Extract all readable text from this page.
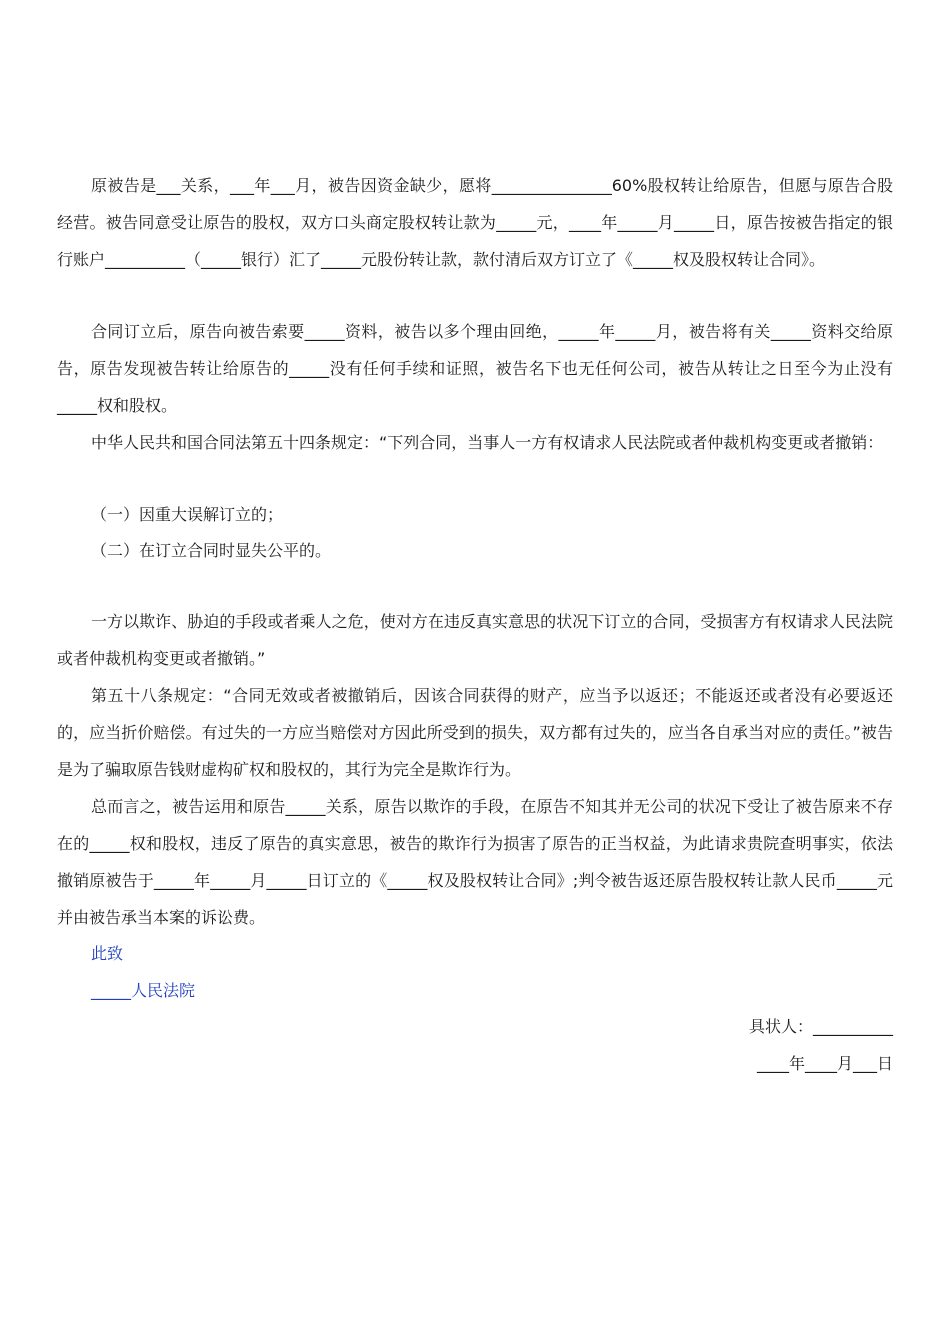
原被告是___关系，___年___月，被告因资金缺少，愿将_______________60%股权转让给原告，但愿与原告合股经营。被告同意受让原告的股权，双方口头商定股权转让款为_____元，____年_____月_____日，原告按被告指定的银行账户__________（_____银行）汇了_____元股份转让款，款付清后双方订立了《_____权及股权转让合同》。

合同订立后，原告向被告索要_____资料，被告以多个理由回绝，_____年_____月，被告将有关_____资料交给原告，原告发现被告转让给原告的_____没有任何手续和证照，被告名下也无任何公司，被告从转让之日至今为止没有_____权和股权。

中华人民共和国合同法第五十四条规定：“下列合同，当事人一方有权请求人民法院或者仲裁机构变更或者撤销：

（一）因重大误解订立的；

（二）在订立合同时显失公平的。

一方以欺诈、胁迫的手段或者乘人之危，使对方在违反真实意思的状况下订立的合同，受损害方有权请求人民法院或者仲裁机构变更或者撤销。”

第五十八条规定：“合同无效或者被撤销后，因该合同获得的财产，应当予以返还；不能返还或者没有必要返还的，应当折价赔偿。有过失的一方应当赔偿对方因此所受到的损失，双方都有过失的，应当各自承当对应的责任。”被告是为了骗取原告钱财虚构矿权和股权的，其行为完全是欺诈行为。

总而言之，被告运用和原告_____关系，原告以欺诈的手段，在原告不知其并无公司的状况下受让了被告原来不存在的_____权和股权，违反了原告的真实意思，被告的欺诈行为损害了原告的正当权益，为此请求贵院查明事实，依法撤销原被告于_____年_____月_____日订立的《_____权及股权转让合同》;判令被告返还原告股权转让款人民币_____元并由被告承当本案的诉讼费。

此致

_____人民法院

具状人：__________

____年____月___日
